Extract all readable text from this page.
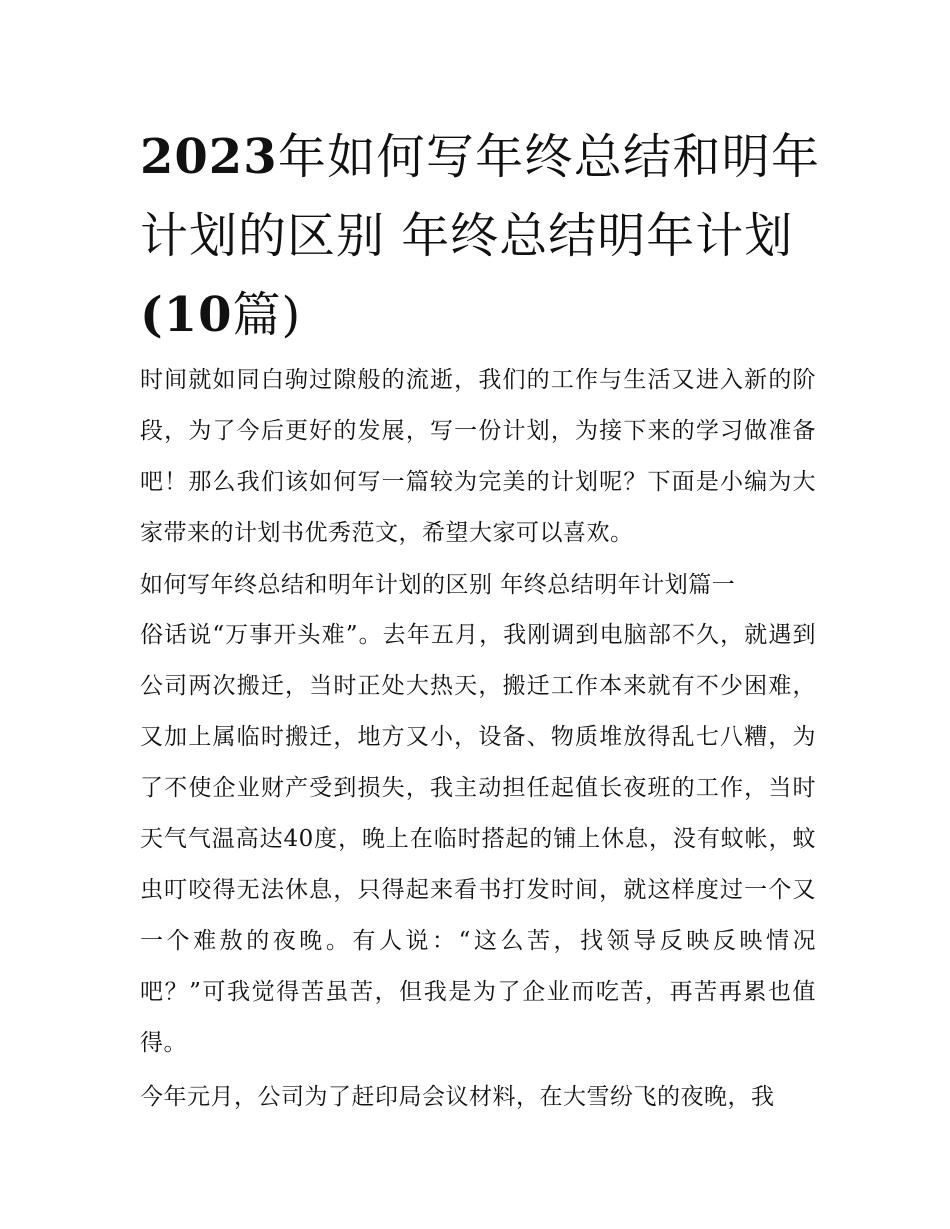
2023年如何写年终总结和明年计划的区别 年终总结明年计划
(10篇)

时间就如同白驹过隙般的流逝，我们的工作与生活又进入新的阶段，为了今后更好的发展，写一份计划，为接下来的学习做准备吧！那么我们该如何写一篇较为完美的计划呢？下面是小编为大家带来的计划书优秀范文，希望大家可以喜欢。

如何写年终总结和明年计划的区别 年终总结明年计划篇一

俗话说“万事开头难”。去年五月，我刚调到电脑部不久，就遇到公司两次搬迁，当时正处大热天，搬迁工作本来就有不少困难，又加上属临时搬迁，地方又小，设备、物质堆放得乱七八糟，为了不使企业财产受到损失，我主动担任起值长夜班的工作，当时天气气温高达40度，晚上在临时搭起的铺上休息，没有蚊帐，蚊虫叮咬得无法休息，只得起来看书打发时间，就这样度过一个又一个难敖的夜晚。有人说：“这么苦，找领导反映反映情况吧？”可我觉得苦虽苦，但我是为了企业而吃苦，再苦再累也值得。

今年元月，公司为了赶印局会议材料，在大雪纷飞的夜晚，我
